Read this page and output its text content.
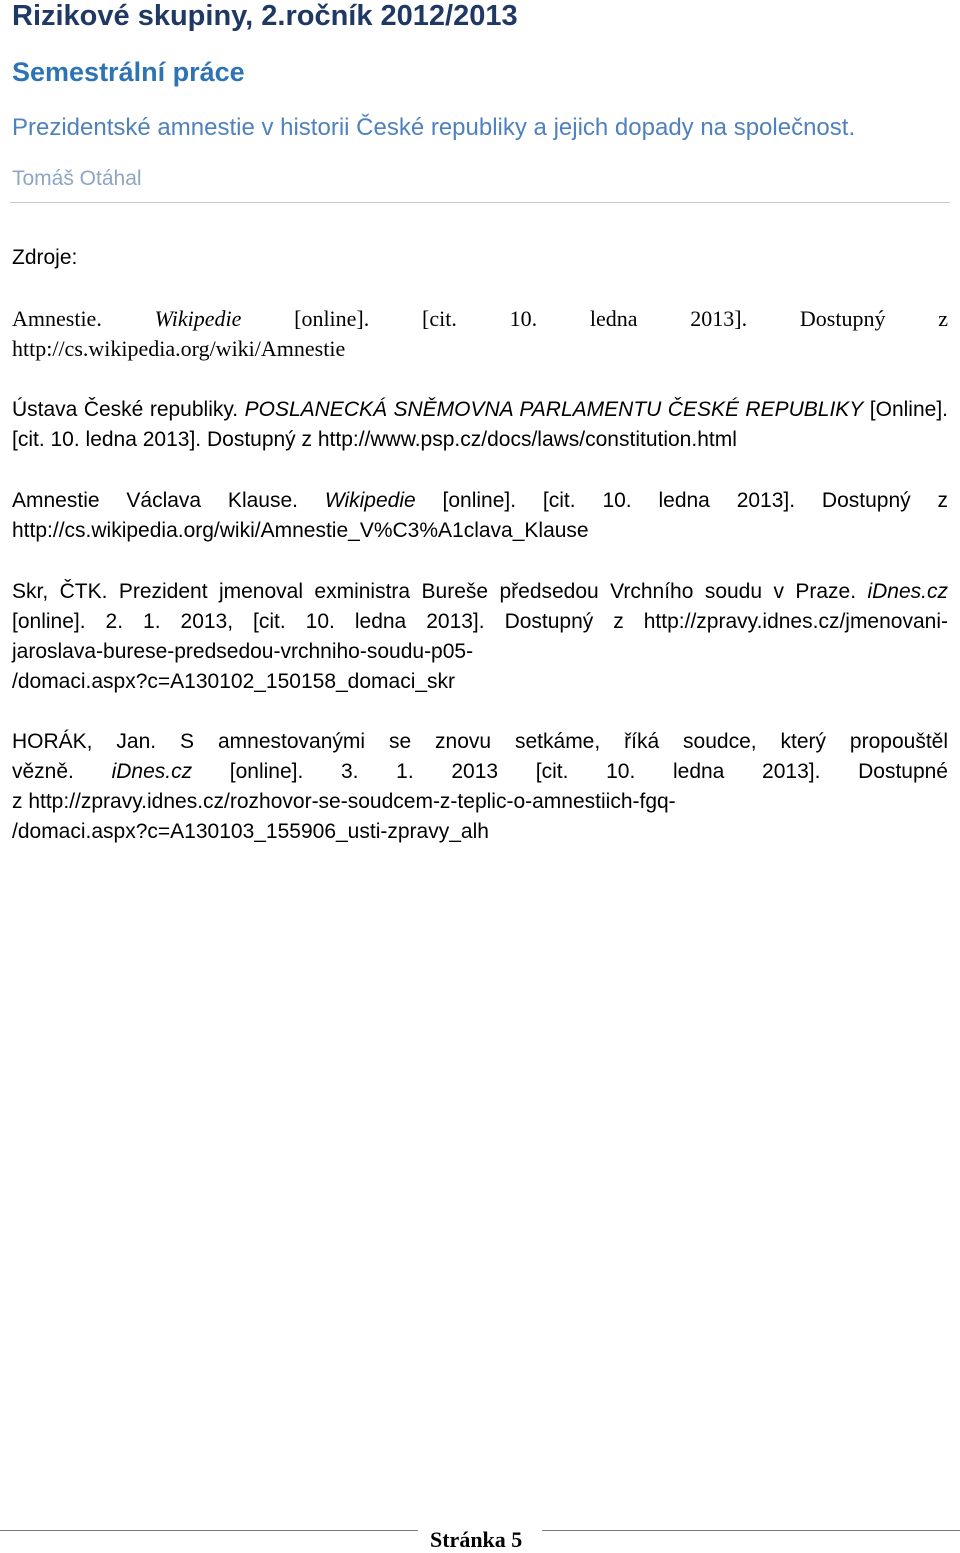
Rizikové skupiny, 2.ročník 2012/2013
Semestrální práce
Prezidentské amnestie v historii České republiky a jejich dopady na společnost.
Tomáš Otáhal
Zdroje:
Amnestie. Wikipedie [online]. [cit. 10. ledna 2013]. Dostupný z
http://cs.wikipedia.org/wiki/Amnestie
Ústava České republiky. POSLANECKÁ SNĚMOVNA PARLAMENTU ČESKÉ REPUBLIKY [Online].
[cit. 10. ledna 2013]. Dostupný z http://www.psp.cz/docs/laws/constitution.html
Amnestie Václava Klause. Wikipedie [online]. [cit. 10. ledna 2013]. Dostupný z
http://cs.wikipedia.org/wiki/Amnestie_V%C3%A1clava_Klause
Skr, ČTK. Prezident jmenoval exministra Bureše předsedou Vrchního soudu v Praze. iDnes.cz
[online]. 2. 1. 2013, [cit. 10. ledna 2013]. Dostupný z http://zpravy.idnes.cz/jmenovani-
jaroslava-burese-predsedou-vrchniho-soudu-p05-
/domaci.aspx?c=A130102_150158_domaci_skr
HORÁK, Jan. S amnestovanými se znovu setkáme, říká soudce, který propouštěl
vězně. iDnes.cz [online]. 3. 1. 2013 [cit. 10. ledna 2013]. Dostupné
z http://zpravy.idnes.cz/rozhovor-se-soudcem-z-teplic-o-amnestiich-fgq-
/domaci.aspx?c=A130103_155906_usti-zpravy_alh
Stránka 5
